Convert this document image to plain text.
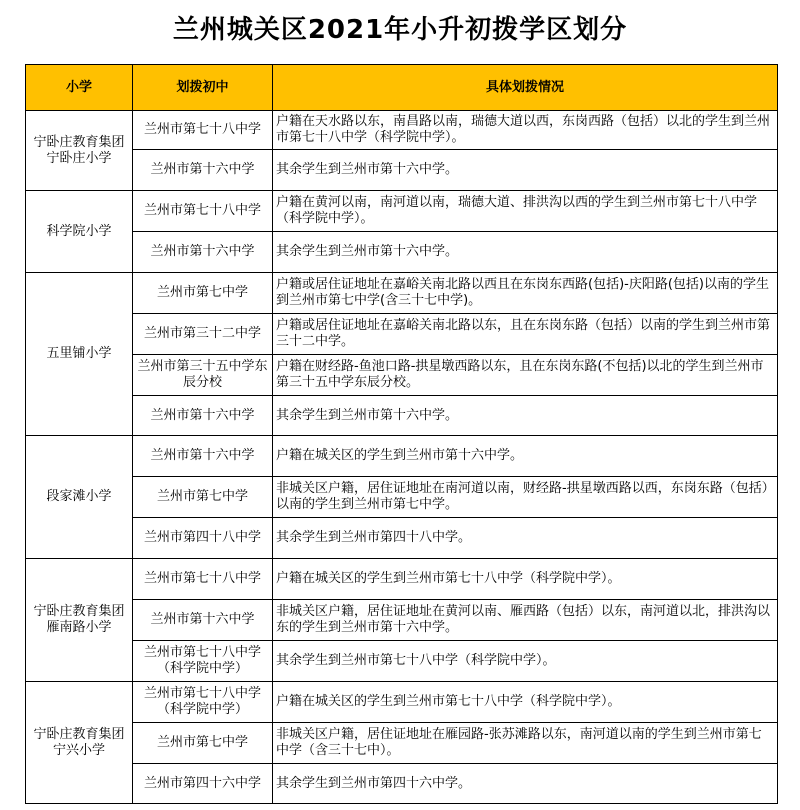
兰州城关区2021年小升初拨学区划分
小学	划拨初中	具体划拨情况
宁卧庄教育集团宁卧庄小学	兰州市第七十八中学	户籍在天水路以东，南昌路以南，瑞德大道以西，东岗西路（包括）以北的学生到兰州市第七十八中学（科学院中学）。
	兰州市第十六中学	其余学生到兰州市第十六中学。
科学院小学	兰州市第七十八中学	户籍在黄河以南，南河道以南，瑞德大道、排洪沟以西的学生到兰州市第七十八中学（科学院中学）。
	兰州市第十六中学	其余学生到兰州市第十六中学。
五里铺小学	兰州市第七中学	户籍或居住证地址在嘉峪关南北路以西且在东岗东西路(包括)-庆阳路(包括)以南的学生到兰州市第七中学(含三十七中学)。
	兰州市第三十二中学	户籍或居住证地址在嘉峪关南北路以东，且在东岗东路（包括）以南的学生到兰州市第三十二中学。
	兰州市第三十五中学东辰分校	户籍在财经路-鱼池口路-拱星墩西路以东，且在东岗东路(不包括)以北的学生到兰州市第三十五中学东辰分校。
	兰州市第十六中学	其余学生到兰州市第十六中学。
段家滩小学	兰州市第十六中学	户籍在城关区的学生到兰州市第十六中学。
	兰州市第七中学	非城关区户籍，居住证地址在南河道以南，财经路-拱星墩西路以西，东岗东路（包括）以南的学生到兰州市第七中学。
	兰州市第四十八中学	其余学生到兰州市第四十八中学。
宁卧庄教育集团雁南路小学	兰州市第七十八中学	户籍在城关区的学生到兰州市第七十八中学（科学院中学）。
	兰州市第十六中学	非城关区户籍，居住证地址在黄河以南、雁西路（包括）以东，南河道以北，排洪沟以东的学生到兰州市第十六中学。
	兰州市第七十八中学（科学院中学）	其余学生到兰州市第七十八中学（科学院中学）。
宁卧庄教育集团宁兴小学	兰州市第七十八中学（科学院中学）	户籍在城关区的学生到兰州市第七十八中学（科学院中学）。
	兰州市第七中学	非城关区户籍，居住证地址在雁园路-张苏滩路以东，南河道以南的学生到兰州市第七中学（含三十七中）。
	兰州市第四十六中学	其余学生到兰州市第四十六中学。
